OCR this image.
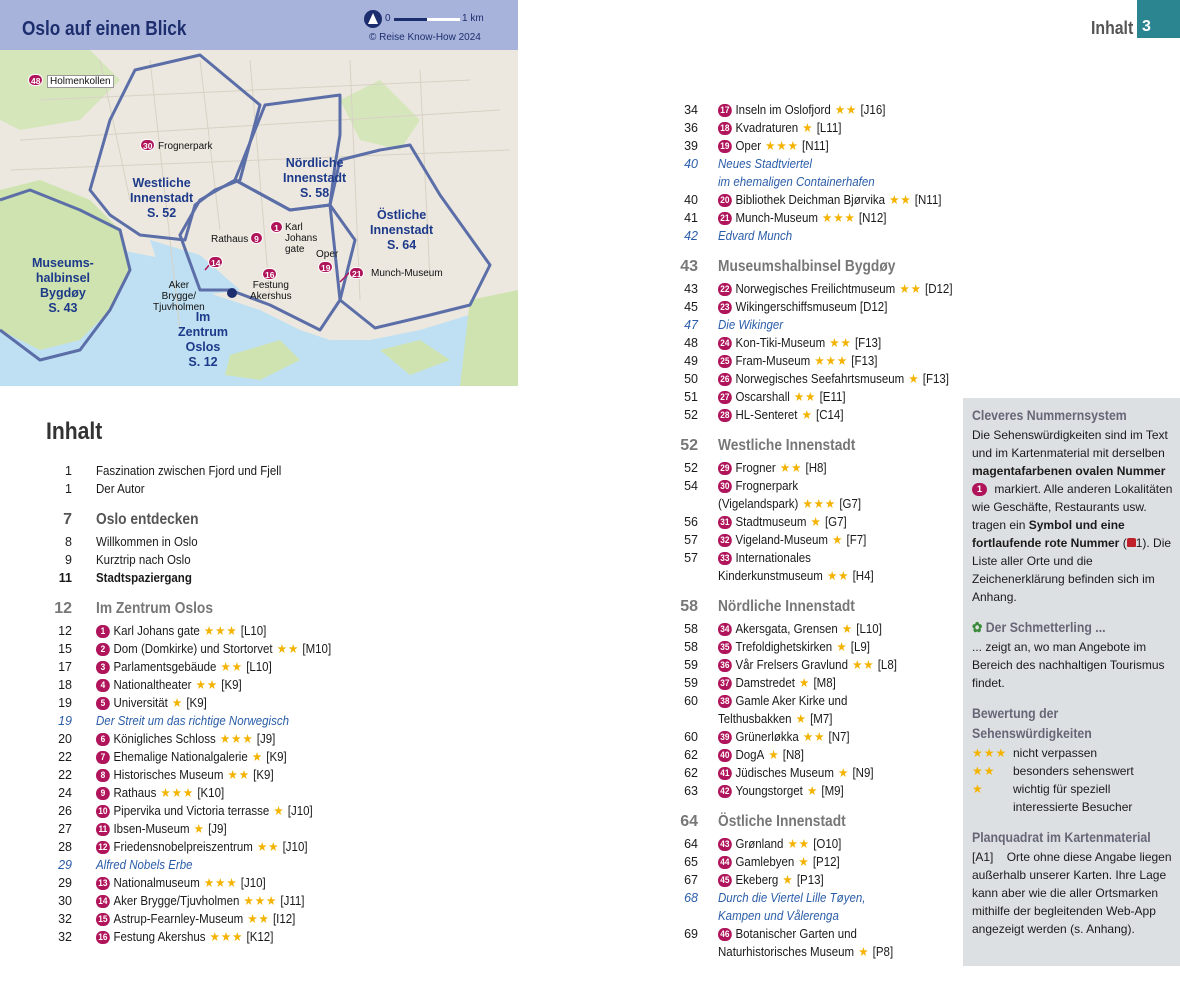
Oslo auf einen Blick	0	1 km
© Reise Know-How 2024
48 Holmenkollen
30 Frognerpark
Westliche
Innenstadt
S. 52
Nördliche
Innenstadt
S. 58
Östliche
Innenstadt
S. 64
Museums-
halbinsel
Bygdøy
S. 43
Im
Zentrum
Oslos
S. 12
Rathaus 9
1 Karl
Johans
gate	Oper
19
21 Munch-Museum
16
Festung
Akershus
14
Aker
Brygge/
Tjuvholmen
Inhalt 3
Inhalt
1 Faszination zwischen Fjord und Fjell
1 Der Autor
7 Oslo entdecken
8 Willkommen in Oslo
9 Kurztrip nach Oslo
11 Stadtspaziergang
12 Im Zentrum Oslos
12	1 Karl Johans gate ★★★ [L10]
15	2 Dom (Domkirke) und Stortorvet ★★ [M10]
17	3 Parlamentsgebäude ★★ [L10]
18	4 Nationaltheater ★★ [K9]
19	5 Universität ★ [K9]
19 Der Streit um das richtige Norwegisch
20	6 Königliches Schloss ★★★ [J9]
22	7 Ehemalige Nationalgalerie ★ [K9]
22	8 Historisches Museum ★★ [K9]
24	9 Rathaus ★★★ [K10]
26	10 Pipervika und Victoria terrasse ★ [J10]
27	11 Ibsen-Museum ★ [J9]
28	12 Friedensnobelpreiszentrum ★★ [J10]
29 Alfred Nobels Erbe
29	13 Nationalmuseum ★★★ [J10]
30	14 Aker Brygge/Tjuvholmen ★★★ [J11]
32	15 Astrup-Fearnley-Museum ★★ [I12]
32	16 Festung Akershus ★★★ [K12]
34 17 Inseln im Oslofjord ★★ [J16]
36 18 Kvadraturen ★ [L11]
39 19 Oper ★★★ [N11]
40 Neues Stadtviertel
im ehemaligen Containerhafen
40 20 Bibliothek Deichman Bjørvika ★★ [N11]
41 21 Munch-Museum ★★★ [N12]
42 Edvard Munch
43 Museumshalbinsel Bygdøy
43 22 Norwegisches Freilichtmuseum ★★ [D12]
45 23 Wikingerschiffsmuseum [D12]
47 Die Wikinger
48 24 Kon-Tiki-Museum ★★ [F13]
49 25 Fram-Museum ★★★ [F13]
50 26 Norwegisches Seefahrtsmuseum ★ [F13]
51 27 Oscarshall ★★ [E11]
52 28 HL-Senteret ★ [C14]
52 Westliche Innenstadt
52 29 Frogner ★★ [H8]
54 30 Frognerpark
(Vigelandspark) ★★★ [G7]
56 31 Stadtmuseum ★ [G7]
57 32 Vigeland-Museum ★ [F7]
57 33 Internationales
Kinderkunstmuseum ★★ [H4]
58 Nördliche Innenstadt
58 34 Akersgata, Grensen ★ [L10]
58 35 Trefoldighetskirken ★ [L9]
59 36 Vår Frelsers Gravlund ★★ [L8]
59 37 Damstredet ★ [M8]
60 38 Gamle Aker Kirke und
Telthusbakken ★ [M7]
60 39 Grünerløkka ★★ [N7]
62 40 DogA ★ [N8]
62 41 Jüdisches Museum ★ [N9]
63 42 Youngstorget ★ [M9]
64 Östliche Innenstadt
64 43 Grønland ★★ [O10]
65 44 Gamlebyen ★ [P12]
67 45 Ekeberg ★ [P13]
68 Durch die Viertel Lille Tøyen,
Kampen und Vålerenga
69 46 Botanischer Garten und
Naturhistorisches Museum ★ [P8]
Cleveres Nummernsystem
Die Sehenswürdigkeiten sind im Text und im Kartenmaterial mit derselben magentafarbenen ovalen Nummer 1 markiert. Alle anderen Lokalitäten wie Geschäfte, Restaurants usw. tragen ein Symbol und eine fortlaufende rote Nummer ( 1). Die Liste aller Orte und die Zeichenerklärung befinden sich im Anhang.
✿ Der Schmetterling ...
... zeigt an, wo man Angebote im Bereich des nachhaltigen Tourismus findet.
Bewertung der
Sehenswürdigkeiten
★★★ nicht verpassen
★★	besonders sehenswert
★	wichtig für speziell
interessierte Besucher
Planquadrat im Kartenmaterial
[A1] Orte ohne diese Angabe liegen außerhalb unserer Karten. Ihre Lage kann aber wie die aller Ortsmarken mithilfe der begleitenden Web-App angezeigt werden (s. Anhang).
